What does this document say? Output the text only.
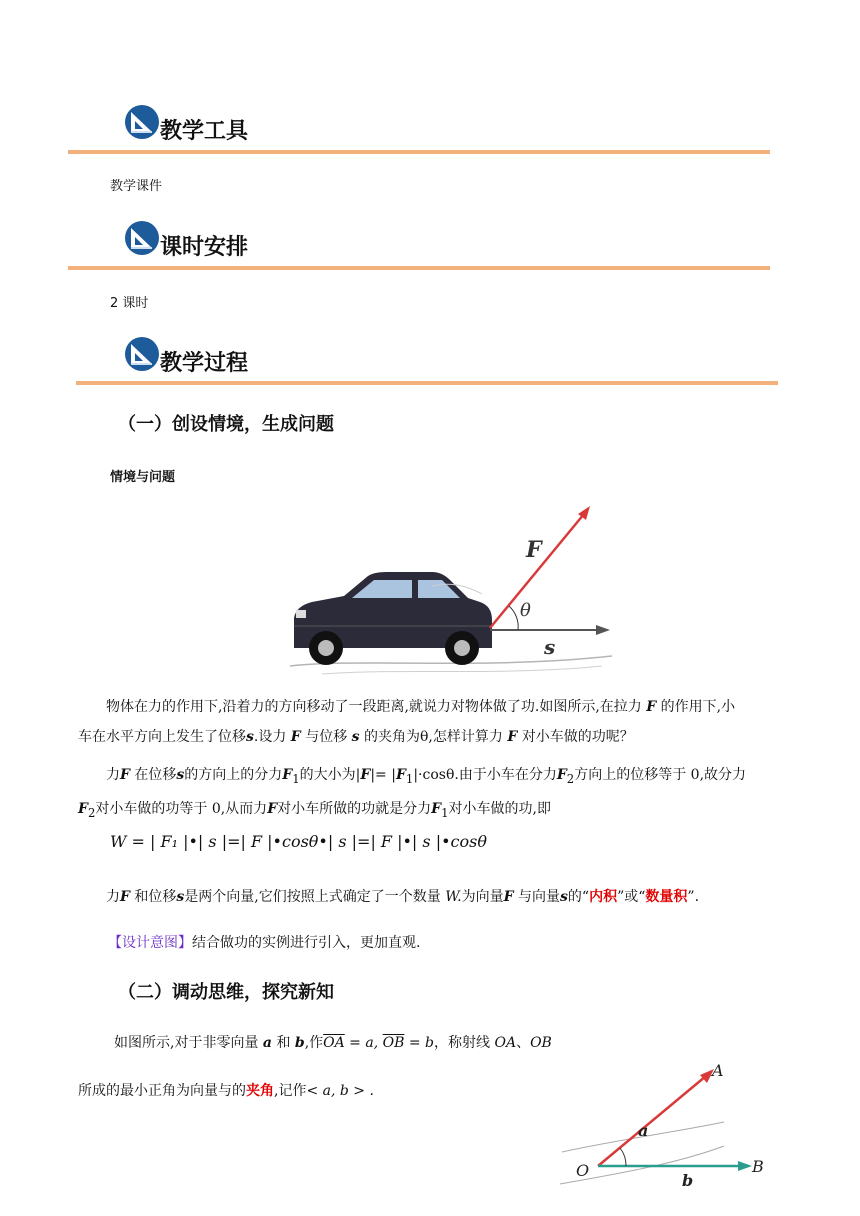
教学工具
教学课件
课时安排
2 课时
教学过程
（一）创设情境，生成问题
情境与问题
F
θ
s
物体在力的作用下,沿着力的方向移动了一段距离,就说力对物体做了功.如图所示,在拉力 F 的作用下,小
车在水平方向上发生了位移s.设力 F 与位移 s 的夹角为θ,怎样计算力 F 对小车做的功呢？
力F 在位移s的方向上的分力$F_1$的大小为$|F|= |F_1|\cdot\cos\theta$.由于小车在分力$F_2$方向上的位移等于 0,故分力
$F_2$对小车做的功等于 0,从而力F对小车所做的功就是分力$F_1$对小车做的功,即
W = | F₁ |•| s |=| F |•cosθ•| s |=| F |•| s |•cosθ
力F 和位移s是两个向量,它们按照上式确定了一个数量 W.为向量F 与向量s的“内积”或“数量积”.
【设计意图】结合做功的实例进行引入，更加直观.
（二）调动思维，探究新知
如图所示,对于非零向量 a 和 b,作$\overline{OA} = a$, $\overline{OB} = b$，称射线 OA、OB
所成的最小正角为向量与的夹角,记作< a, b > .
A
a
O
b
B
